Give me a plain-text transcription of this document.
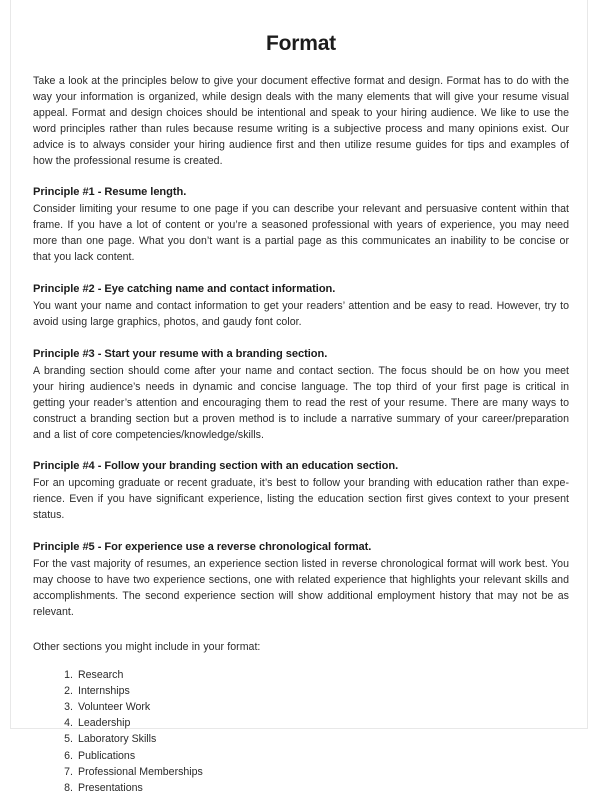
Format

Take a look at the principles below to give your document effective format and design. Format has to do with the way your information is organized, while design deals with the many elements that will give your resume visual appeal. Format and design choices should be intentional and speak to your hiring audience. We like to use the word principles rather than rules because resume writing is a subjective process and many opinions exist. Our advice is to always consider your hiring audience first and then utilize resume guides for tips and examples of how the professional resume is created.

Principle #1 - Resume length.

Consider limiting your resume to one page if you can describe your relevant and persuasive content within that frame. If you have a lot of content or you’re a seasoned professional with years of experience, you may need more than one page. What you don’t want is a partial page as this communicates an inability to be concise or that you lack content.

Principle #2 - Eye catching name and contact information.

You want your name and contact information to get your readers’ attention and be easy to read. However, try to avoid using large graphics, photos, and gaudy font color.

Principle #3 - Start your resume with a branding section.

A branding section should come after your name and contact section. The focus should be on how you meet your hiring audience’s needs in dynamic and concise language. The top third of your first page is critical in getting your reader’s attention and encouraging them to read the rest of your resume. There are many ways to construct a branding section but a proven method is to include a narrative summary of your career/preparation and a list of core competencies/knowledge/skills.

Principle #4 - Follow your branding section with an education section.

For an upcoming graduate or recent graduate, it’s best to follow your branding with education rather than expe-rience. Even if you have significant experience, listing the education section first gives context to your present status.

Principle #5 - For experience use a reverse chronological format.

For the vast majority of resumes, an experience section listed in reverse chronological format will work best. You may choose to have two experience sections, one with related experience that highlights your relevant skills and accomplishments. The second experience section will show additional employment history that may not be as relevant.

Other sections you might include in your format:

1. Research
2. Internships
3. Volunteer Work
4. Leadership
5. Laboratory Skills
6. Publications
7. Professional Memberships
8. Presentations
